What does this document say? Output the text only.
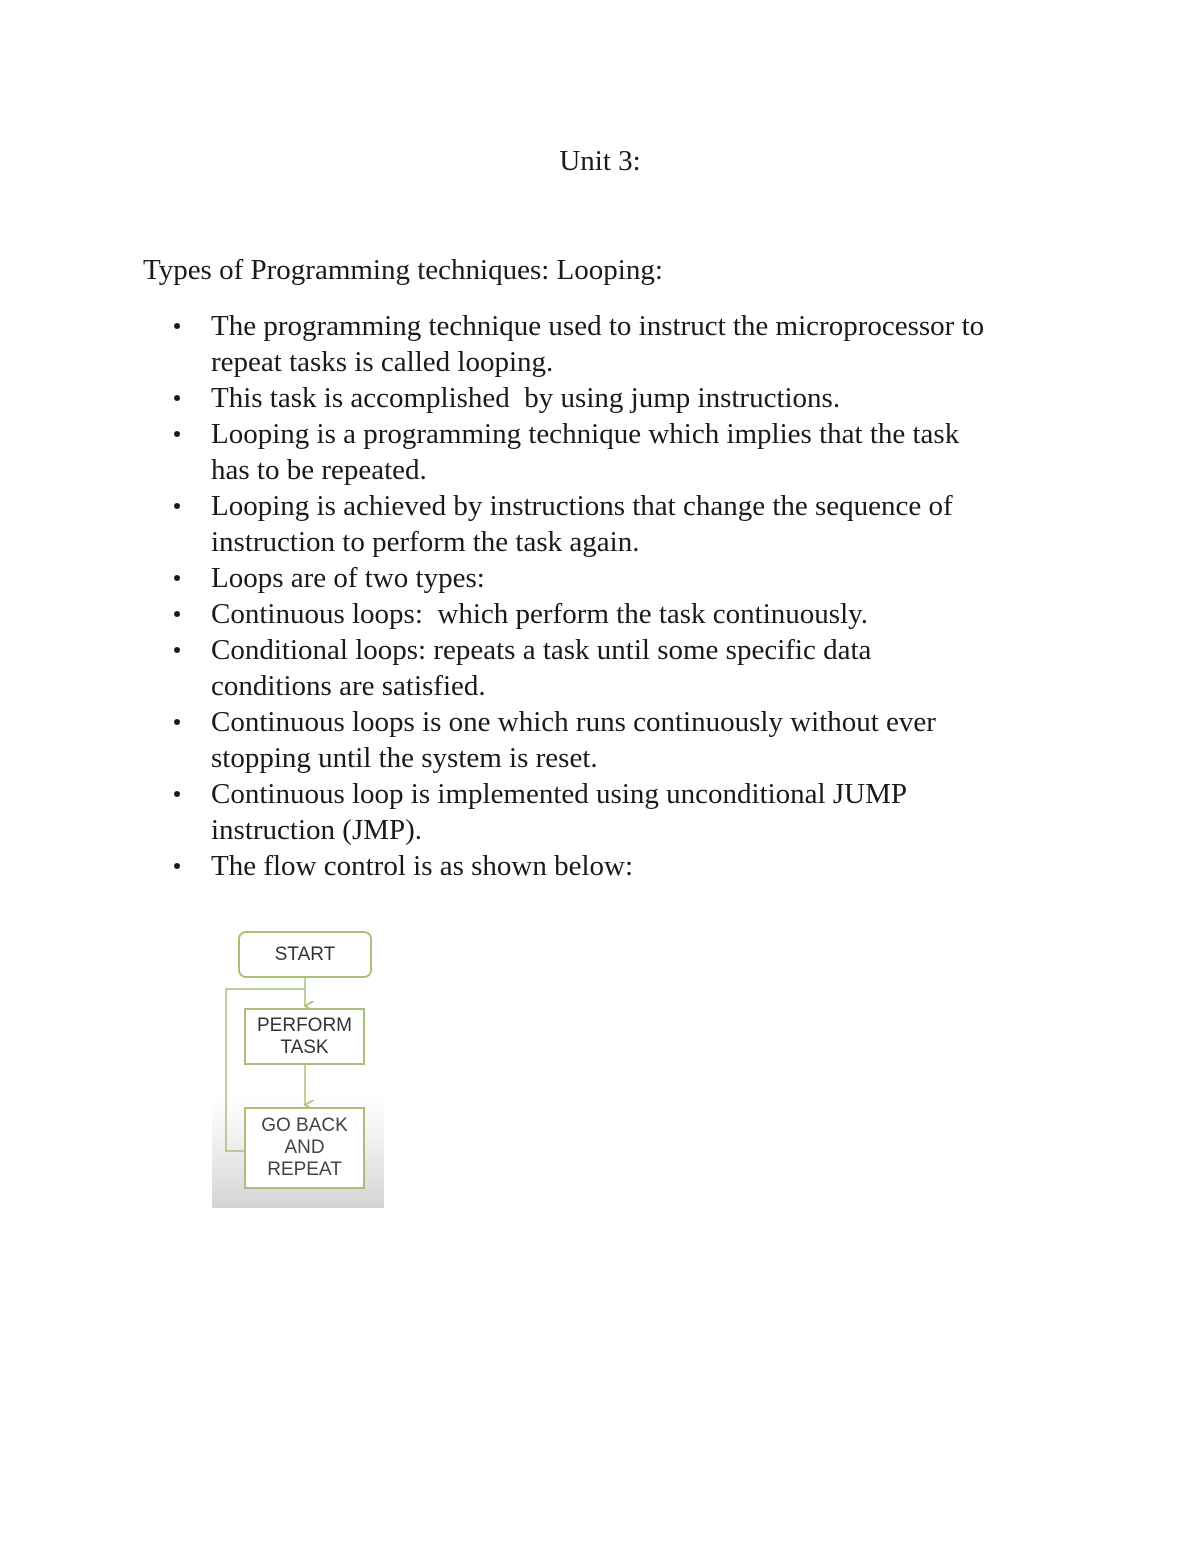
Unit 3:
Types of Programming techniques: Looping:
The programming technique used to instruct the microprocessor to
repeat tasks is called looping.
This task is accomplished  by using jump instructions.
Looping is a programming technique which implies that the task
has to be repeated.
Looping is achieved by instructions that change the sequence of
instruction to perform the task again.
Loops are of two types:
Continuous loops:  which perform the task continuously.
Conditional loops: repeats a task until some specific data
conditions are satisfied.
Continuous loops is one which runs continuously without ever
stopping until the system is reset.
Continuous loop is implemented using unconditional JUMP
instruction (JMP).
The flow control is as shown below:
START
PERFORM
TASK
GO BACK
AND
REPEAT
